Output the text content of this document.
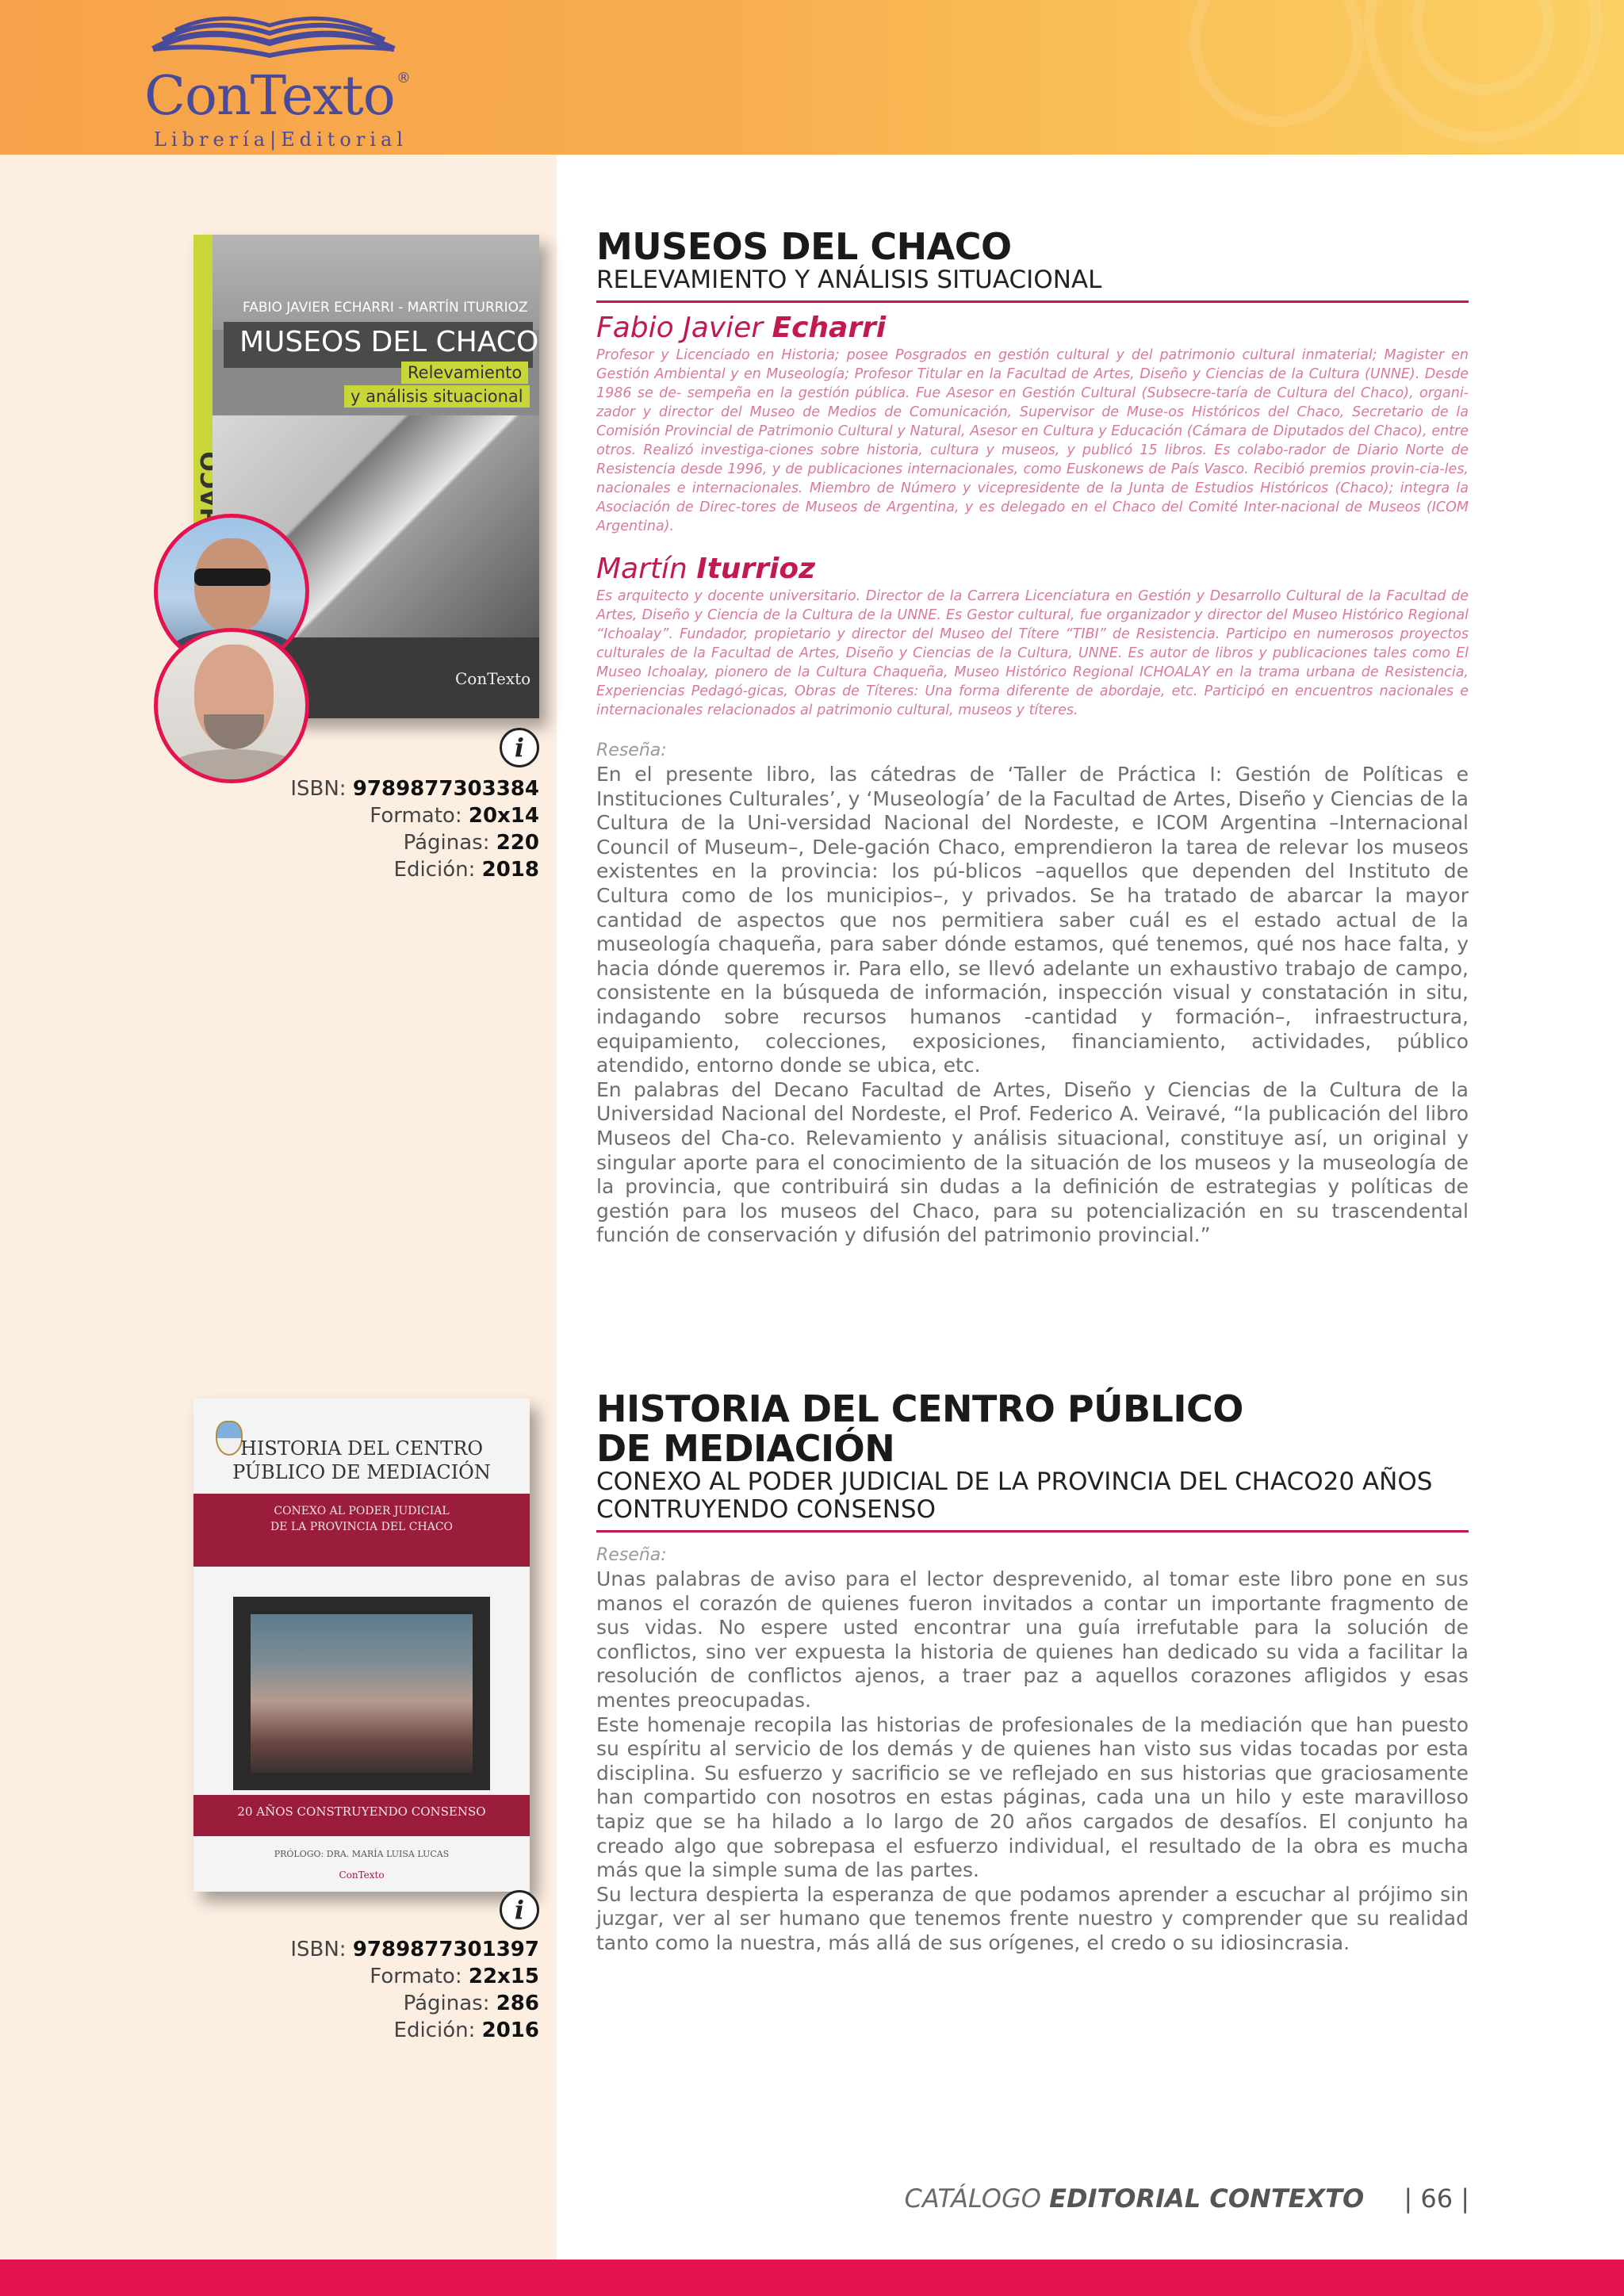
ConTexto ®
Librería|Editorial
FABIO JAVIER ECHARRI - MARTÍN ITURRIOZ
MUSEOS DEL CHACO
Relevamiento
y análisis situacional
ConTexto
i
ISBN: 9789877303384
Formato: 20x14
Páginas: 220
Edición: 2018
MUSEOS DEL CHACO
RELEVAMIENTO Y ANÁLISIS SITUACIONAL
Fabio Javier Echarri
Profesor y Licenciado en Historia; posee Posgrados en gestión cultural y del patrimonio cultural inmaterial; Magister en Gestión Ambiental y en Museología; Profesor Titular en la Facultad de Artes, Diseño y Ciencias de la Cultura (UNNE). Desde 1986 se de- sempeña en la gestión pública. Fue Asesor en Gestión Cultural (Subsecre-taría de Cultura del Chaco), organi-zador y director del Museo de Medios de Comunicación, Supervisor de Muse-os Históricos del Chaco, Secretario de la Comisión Provincial de Patrimonio Cultural y Natural, Asesor en Cultura y Educación (Cámara de Diputados del Chaco), entre otros. Realizó investiga-ciones sobre historia, cultura y museos, y publicó 15 libros. Es colabo-rador de Diario Norte de Resistencia desde 1996, y de publicaciones internacionales, como Euskonews de País Vasco. Recibió premios provin-cia-les, nacionales e internacionales. Miembro de Número y vicepresidente de la Junta de Estudios Históricos (Chaco); integra la Asociación de Direc-tores de Museos de Argentina, y es delegado en el Chaco del Comité Inter-nacional de Museos (ICOM Argentina).
Martín Iturrioz
Es arquitecto y docente universitario. Director de la Carrera Licenciatura en Gestión y Desarrollo Cultural de la Facultad de Artes, Diseño y Ciencia de la Cultura de la UNNE. Es Gestor cultural, fue organizador y director del Museo Histórico Regional “Ichoalay”. Fundador, propietario y director del Museo del Títere “TIBI” de Resistencia. Participo en numerosos proyectos culturales de la Facultad de Artes, Diseño y Ciencias de la Cultura, UNNE. Es autor de libros y publicaciones tales como El Museo Ichoalay, pionero de la Cultura Chaqueña, Museo Histórico Regional ICHOALAY en la trama urbana de Resistencia, Experiencias Pedagó-gicas, Obras de Títeres: Una forma diferente de abordaje, etc. Participó en encuentros nacionales e internacionales relacionados al patrimonio cultural, museos y títeres.
Reseña:
En el presente libro, las cátedras de ‘Taller de Práctica I: Gestión de Políticas e Instituciones Culturales’, y ‘Museología’ de la Facultad de Artes, Diseño y Ciencias de la Cultura de la Uni-versidad Nacional del Nordeste, e ICOM Argentina –Internacional Council of Museum–, Dele-gación Chaco, emprendieron la tarea de relevar los museos existentes en la provincia: los pú-blicos –aquellos que dependen del Instituto de Cultura como de los municipios–, y privados. Se ha tratado de abarcar la mayor cantidad de aspectos que nos permitiera saber cuál es el estado actual de la museología chaqueña, para saber dónde estamos, qué tenemos, qué nos hace falta, y hacia dónde queremos ir. Para ello, se llevó adelante un exhaustivo trabajo de campo, consistente en la búsqueda de información, inspección visual y constatación in situ, indagando sobre recursos humanos -cantidad y formación–, infraestructura, equipamiento, colecciones, exposiciones, financiamiento, actividades, público atendido, entorno donde se ubica, etc.
En palabras del Decano Facultad de Artes, Diseño y Ciencias de la Cultura de la Universidad Nacional del Nordeste, el Prof. Federico A. Veiravé, “la publicación del libro Museos del Cha-co. Relevamiento y análisis situacional, constituye así, un original y singular aporte para el conocimiento de la situación de los museos y la museología de la provincia, que contribuirá sin dudas a la definición de estrategias y políticas de gestión para los museos del Chaco, para su potencialización en su trascendental función de conservación y difusión del patrimonio provincial.”
HISTORIA DEL CENTRO
PÚBLICO DE MEDIACIÓN
CONEXO AL PODER JUDICIAL
DE LA PROVINCIA DEL CHACO
20 AÑOS CONSTRUYENDO CONSENSO
PRÓLOGO: DRA. MARÍA LUISA LUCAS
ConTexto
i
ISBN: 9789877301397
Formato: 22x15
Páginas: 286
Edición: 2016
HISTORIA DEL CENTRO PÚBLICO
DE MEDIACIÓN
CONEXO AL PODER JUDICIAL DE LA PROVINCIA DEL CHACO20 AÑOS
CONTRUYENDO CONSENSO
Reseña:
Unas palabras de aviso para el lector desprevenido, al tomar este libro pone en sus manos el corazón de quienes fueron invitados a contar un importante fragmento de sus vidas. No espere usted encontrar una guía irrefutable para la solución de conflictos, sino ver expuesta la historia de quienes han dedicado su vida a facilitar la resolución de conflictos ajenos, a traer paz a aquellos corazones afligidos y esas mentes preocupadas.
Este homenaje recopila las historias de profesionales de la mediación que han puesto su espíritu al servicio de los demás y de quienes han visto sus vidas tocadas por esta disciplina. Su esfuerzo y sacrificio se ve reflejado en sus historias que graciosamente han compartido con nosotros en estas páginas, cada una un hilo y este maravilloso tapiz que se ha hilado a lo largo de 20 años cargados de desafíos. El conjunto ha creado algo que sobrepasa el esfuerzo individual, el resultado de la obra es mucha más que la simple suma de las partes.
Su lectura despierta la esperanza de que podamos aprender a escuchar al prójimo sin juzgar, ver al ser humano que tenemos frente nuestro y comprender que su realidad tanto como la nuestra, más allá de sus orígenes, el credo o su idiosincrasia.
CATÁLOGO EDITORIAL CONTEXTO | 66 |
